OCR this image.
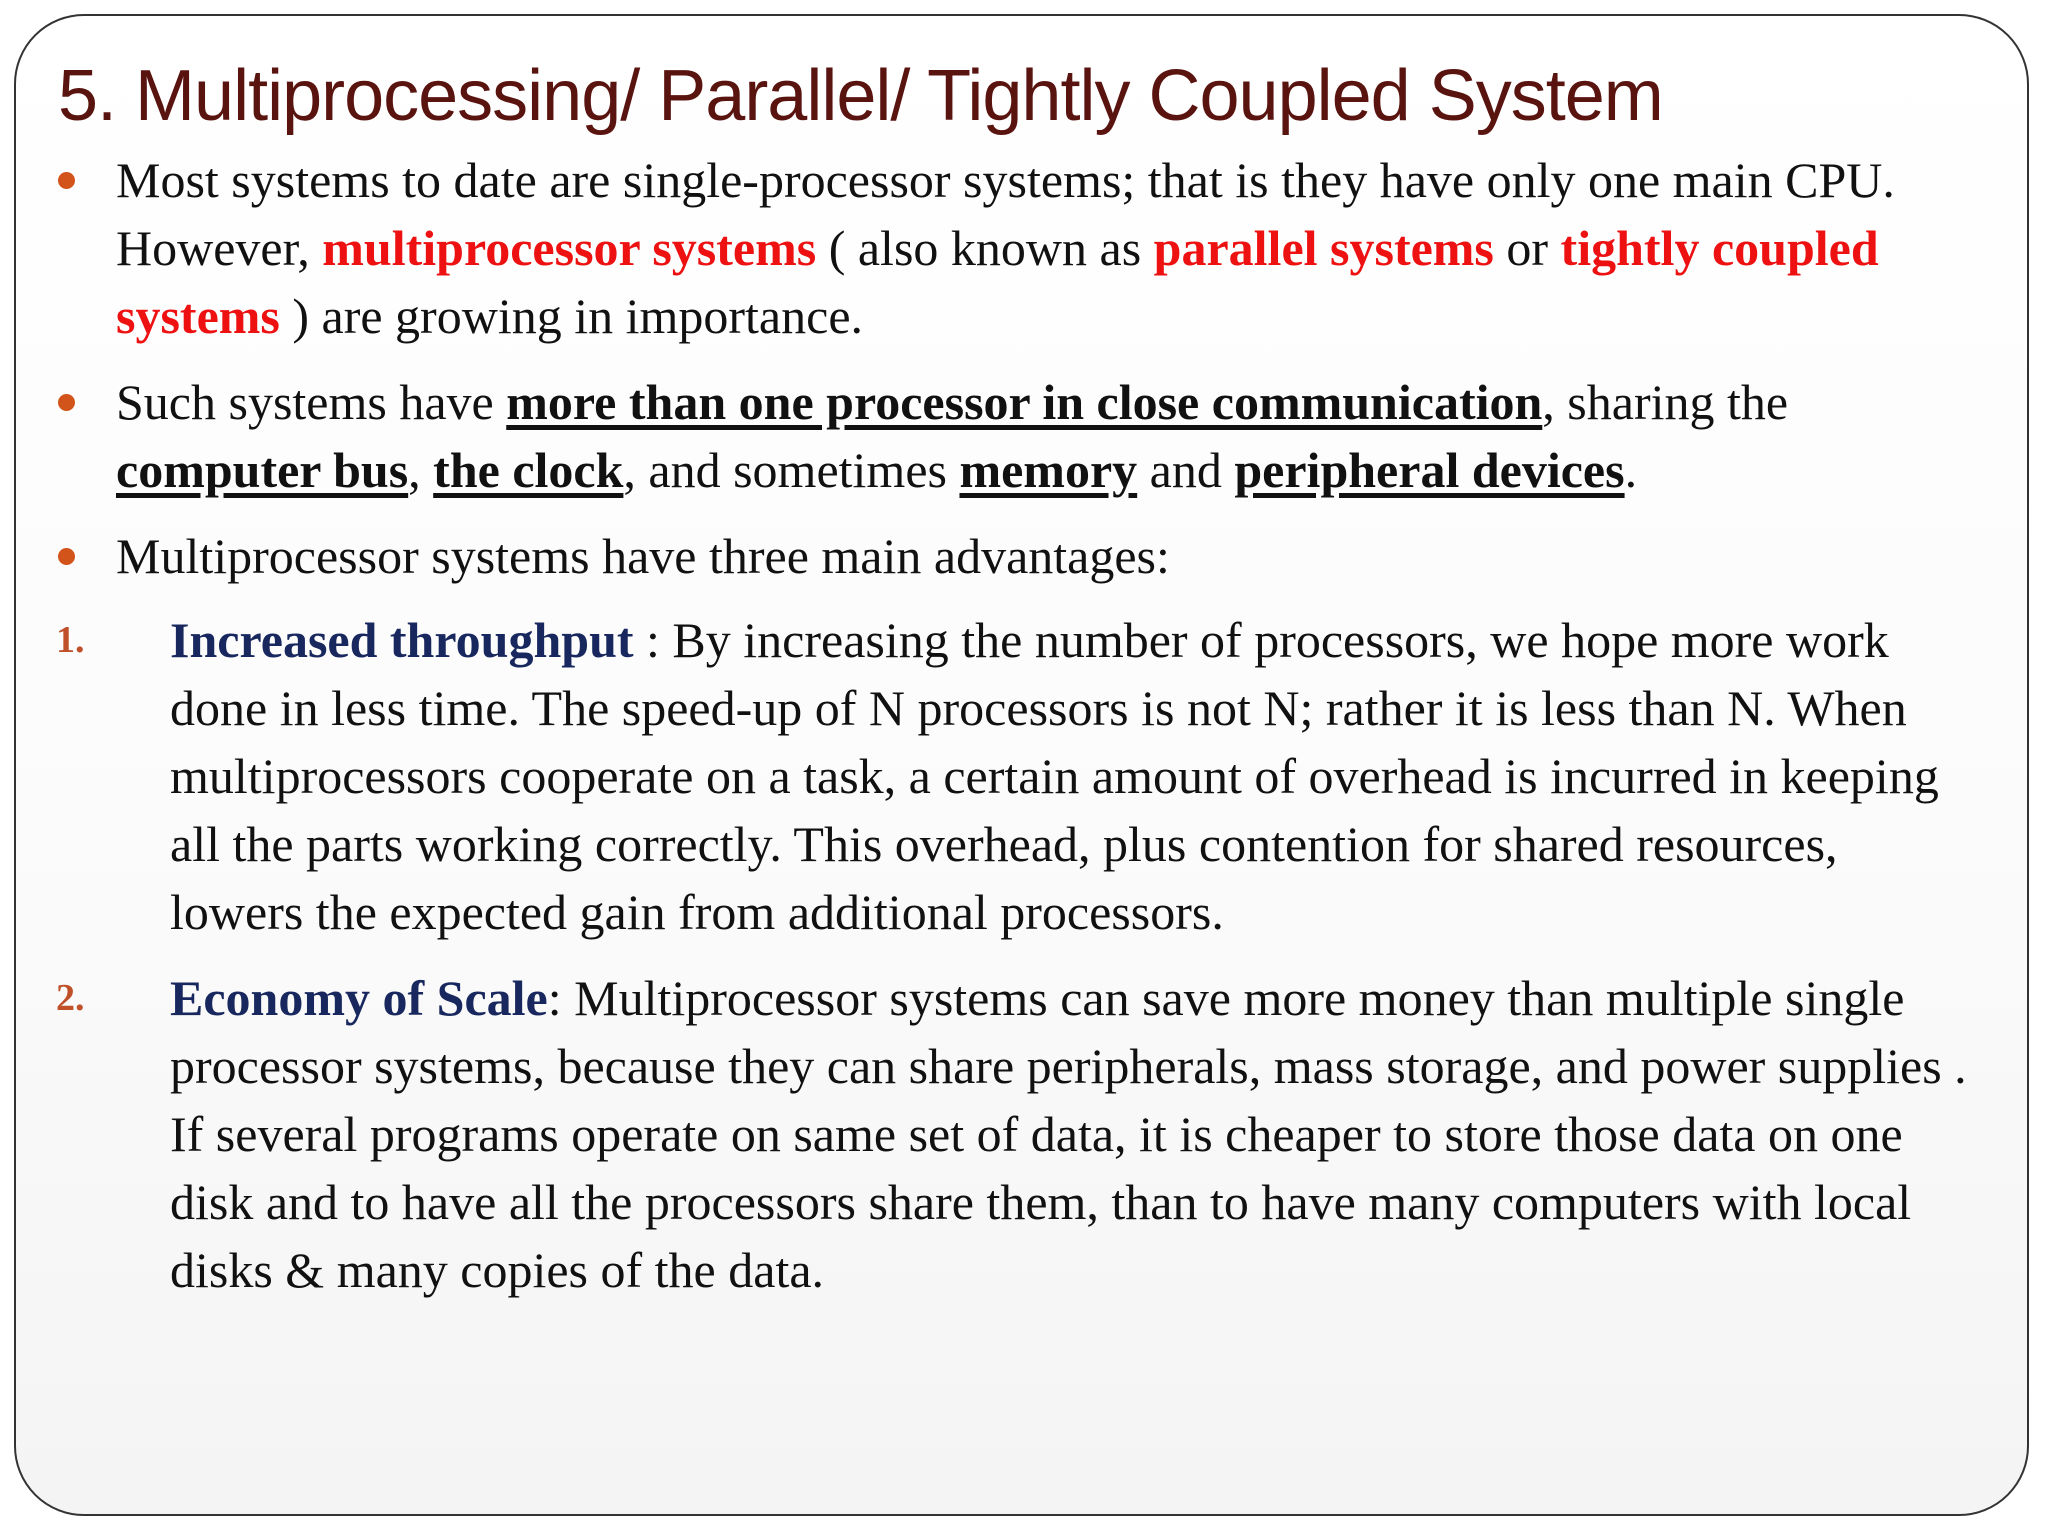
5. Multiprocessing/ Parallel/ Tightly Coupled System
Most systems to date are single-processor systems; that is they have only one main CPU. However, multiprocessor systems ( also known as parallel systems or tightly coupled systems ) are growing in importance.
Such systems have more than one processor in close communication, sharing the computer bus, the clock, and sometimes memory and peripheral devices.
Multiprocessor systems have three main advantages:
1. Increased throughput : By increasing the number of processors, we hope more work done in less time. The speed-up of N processors is not N; rather it is less than N. When multiprocessors cooperate on a task, a certain amount of overhead is incurred in keeping all the parts working correctly. This overhead, plus contention for shared resources, lowers the expected gain from additional processors.
2. Economy of Scale: Multiprocessor systems can save more money than multiple single processor systems, because they can share peripherals, mass storage, and power supplies . If several programs operate on same set of data, it is cheaper to store those data on one disk and to have all the processors share them, than to have many computers with local disks & many copies of the data.
